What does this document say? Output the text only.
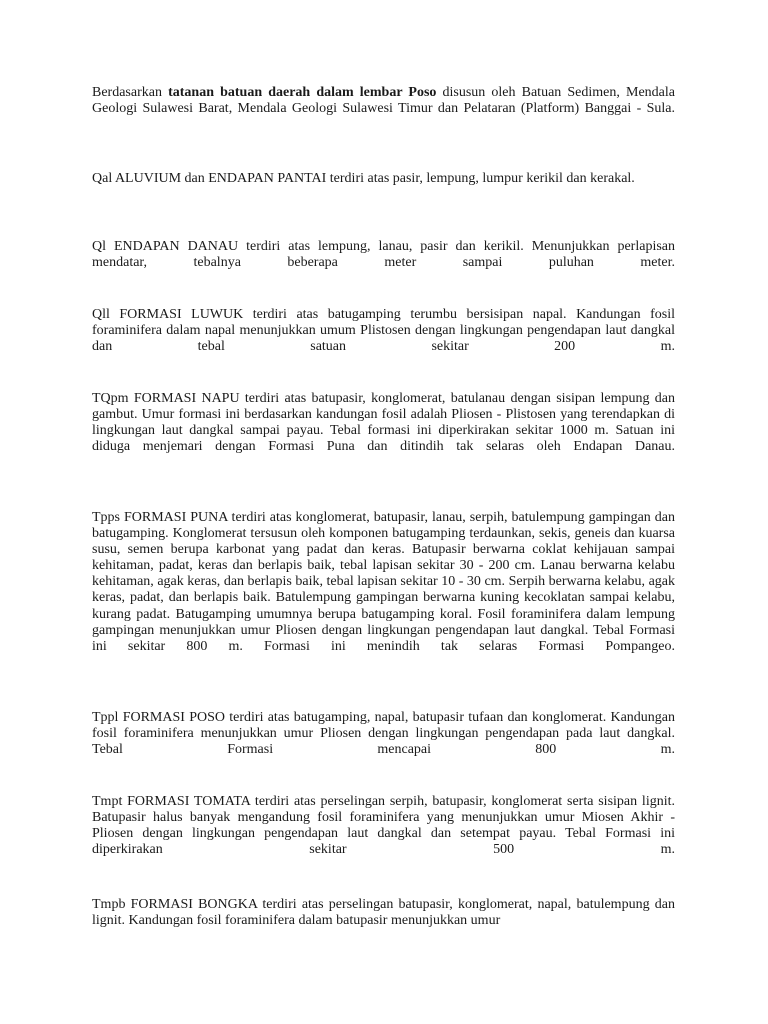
Berdasarkan tatanan batuan daerah dalam lembar Poso disusun oleh Batuan Sedimen, Mendala Geologi Sulawesi Barat, Mendala Geologi Sulawesi Timur dan Pelataran (Platform) Banggai - Sula.

Qal ALUVIUM dan ENDAPAN PANTAI terdiri atas pasir, lempung, lumpur kerikil dan kerakal.

Ql ENDAPAN DANAU terdiri atas lempung, lanau, pasir dan kerikil. Menunjukkan perlapisan mendatar, tebalnya beberapa meter sampai puluhan meter.

Qll FORMASI LUWUK terdiri atas batugamping terumbu bersisipan napal. Kandungan fosil foraminifera dalam napal menunjukkan umum Plistosen dengan lingkungan pengendapan laut dangkal dan tebal satuan sekitar 200 m.

TQpm FORMASI NAPU terdiri atas batupasir, konglomerat, batulanau dengan sisipan lempung dan gambut. Umur formasi ini berdasarkan kandungan fosil adalah Pliosen - Plistosen yang terendapkan di lingkungan laut dangkal sampai payau. Tebal formasi ini diperkirakan sekitar 1000 m. Satuan ini diduga menjemari dengan Formasi Puna dan ditindih tak selaras oleh Endapan Danau.

Tpps FORMASI PUNA terdiri atas konglomerat, batupasir, lanau, serpih, batulempung gampingan dan batugamping. Konglomerat tersusun oleh komponen batugamping terdaunkan, sekis, geneis dan kuarsa susu, semen berupa karbonat yang padat dan keras. Batupasir berwarna coklat kehijauan sampai kehitaman, padat, keras dan berlapis baik, tebal lapisan sekitar 30 - 200 cm. Lanau berwarna kelabu kehitaman, agak keras, dan berlapis baik, tebal lapisan sekitar 10 - 30 cm. Serpih berwarna kelabu, agak keras, padat, dan berlapis baik. Batulempung gampingan berwarna kuning kecoklatan sampai kelabu, kurang padat. Batugamping umumnya berupa batugamping koral. Fosil foraminifera dalam lempung gampingan menunjukkan umur Pliosen dengan lingkungan pengendapan laut dangkal. Tebal Formasi ini sekitar 800 m. Formasi ini menindih tak selaras Formasi Pompangeo.

Tppl FORMASI POSO terdiri atas batugamping, napal, batupasir tufaan dan konglomerat. Kandungan fosil foraminifera menunjukkan umur Pliosen dengan lingkungan pengendapan pada laut dangkal. Tebal Formasi mencapai 800 m.

Tmpt FORMASI TOMATA terdiri atas perselingan serpih, batupasir, konglomerat serta sisipan lignit. Batupasir halus banyak mengandung fosil foraminifera yang menunjukkan umur Miosen Akhir - Pliosen dengan lingkungan pengendapan laut dangkal dan setempat payau. Tebal Formasi ini diperkirakan sekitar 500 m.

Tmpb FORMASI BONGKA terdiri atas perselingan batupasir, konglomerat, napal, batulempung dan lignit. Kandungan fosil foraminifera dalam batupasir menunjukkan umur
